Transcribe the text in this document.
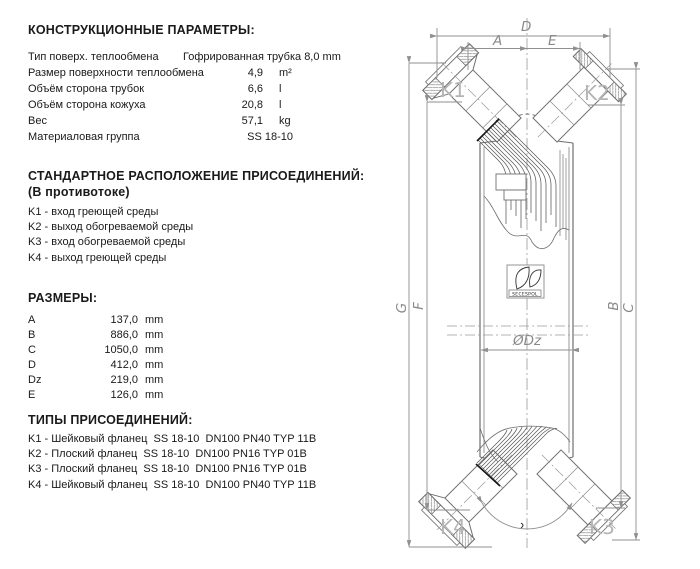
КОНСТРУКЦИОННЫЕ ПАРАМЕТРЫ:
Тип поверх. теплообмена	Гофрированная трубка 8,0 mm
Размер поверхности теплообмена	4,9	m²
Объём сторона трубок	6,6	l
Объём сторона кожуха	20,8	l
Вес	57,1	kg
Материаловая группа	SS 18-10
СТАНДАРТНОЕ РАСПОЛОЖЕНИЕ ПРИСОЕДИНЕНИЙ:
(В противотоке)
K1 - вход греющей среды
K2 - выход обогреваемой среды
K3 - вход обогреваемой среды
K4 - выход греющей среды
РАЗМЕРЫ:
A	137,0 mm
B	886,0 mm
C	1050,0 mm
D	412,0 mm
Dz	219,0 mm
E	126,0 mm
ТИПЫ ПРИСОЕДИНЕНИЙ:
K1 - Шейковый фланец  SS 18-10  DN100 PN40 TYP 11B
K2 - Плоский фланец  SS 18-10  DN100 PN16 TYP 01B
K3 - Плоский фланец  SS 18-10  DN100 PN16 TYP 01B
K4 - Шейковый фланец  SS 18-10  DN100 PN40 TYP 11B
SECESPOL
ØDz
D
A	E
G F	B C
K1	K2
K3
K4
